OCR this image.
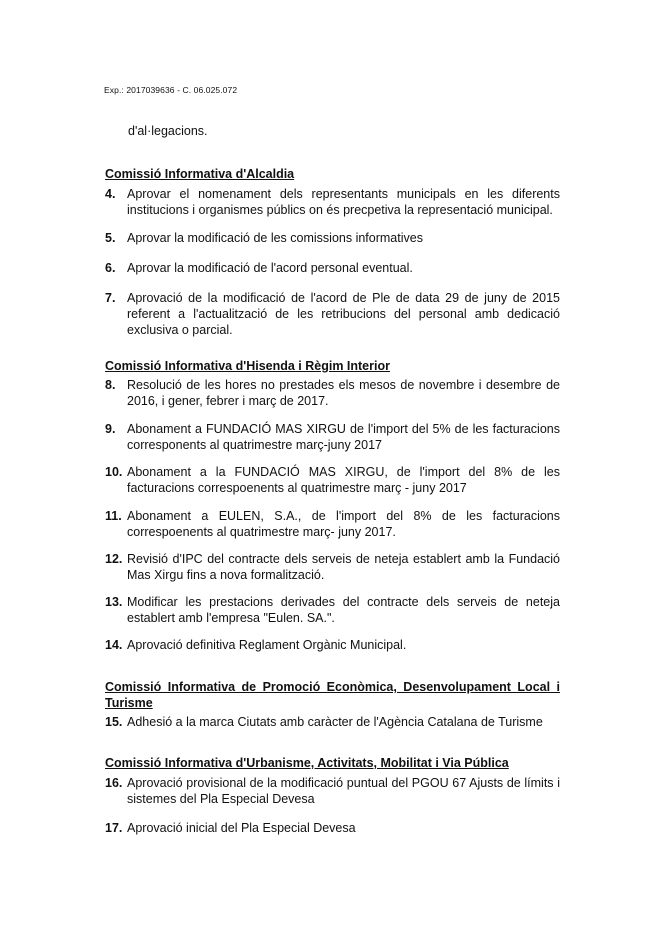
Exp.: 2017039636 - C. 06.025.072
d'al·legacions.
Comissió Informativa d'Alcaldia
4. Aprovar el nomenament dels representants municipals en les diferents institucions i organismes públics on és precpetiva la representació municipal.
5. Aprovar la modificació de les comissions informatives
6. Aprovar la modificació de l'acord personal eventual.
7. Aprovació de la modificació de l'acord de Ple de data 29 de juny de 2015 referent a l'actualització de les retribucions del personal amb dedicació exclusiva o parcial.
Comissió Informativa d'Hisenda i Règim Interior
8. Resolució de les hores no prestades els mesos de novembre i desembre de 2016, i gener, febrer i març de 2017.
9. Abonament a FUNDACIÓ MAS XIRGU de l'import del 5% de les facturacions corresponents al quatrimestre març-juny 2017
10. Abonament a la FUNDACIÓ MAS XIRGU, de l'import del 8% de les facturacions correspoenents al quatrimestre març - juny 2017
11. Abonament a EULEN, S.A., de l'import del 8% de les facturacions correspoenents al quatrimestre març- juny 2017.
12. Revisió d'IPC del contracte dels serveis de neteja establert amb la Fundació Mas Xirgu fins a nova formalització.
13. Modificar les prestacions derivades del contracte dels serveis de neteja establert amb l'empresa "Eulen. SA.".
14. Aprovació definitiva Reglament Orgànic Municipal.
Comissió Informativa de Promoció Econòmica, Desenvolupament Local i Turisme
15. Adhesió a la marca Ciutats amb caràcter de l'Agència Catalana de Turisme
Comissió Informativa d'Urbanisme, Activitats, Mobilitat i Via Pública
16. Aprovació provisional de la modificació puntual del PGOU 67 Ajusts de límits i sistemes del Pla Especial Devesa
17. Aprovació inicial del Pla Especial Devesa
